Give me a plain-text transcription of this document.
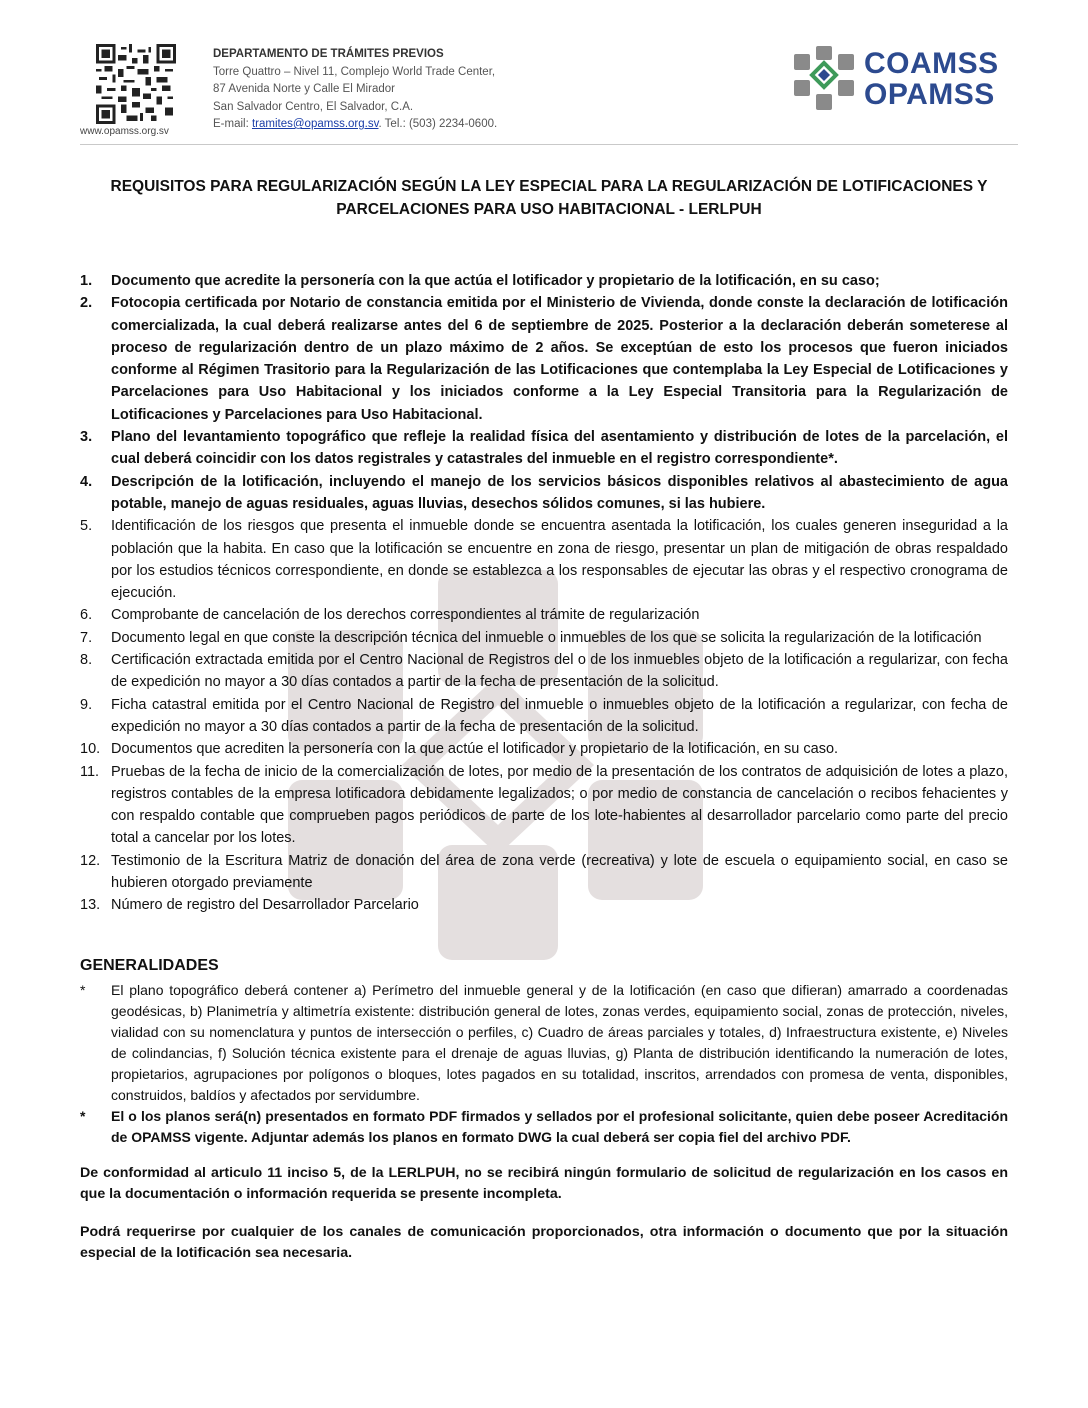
www.opamss.org.sv
DEPARTAMENTO DE TRÁMITES PREVIOS
Torre Quattro – Nivel 11, Complejo World Trade Center,
87 Avenida Norte y Calle El Mirador
San Salvador Centro, El Salvador, C.A.
E-mail: tramites@opamss.org.sv. Tel.: (503) 2234-0600.
COAMSS
OPAMSS
REQUISITOS PARA REGULARIZACIÓN SEGÚN LA LEY ESPECIAL PARA LA REGULARIZACIÓN DE LOTIFICACIONES Y
PARCELACIONES PARA USO HABITACIONAL - LERLPUH
1.	Documento que acredite la personería con la que actúa el lotificador y propietario de la lotificación, en su caso;
2.	Fotocopia certificada por Notario de constancia emitida por el Ministerio de Vivienda, donde conste la declaración de lotificación comercializada, la cual deberá realizarse antes del 6 de septiembre de 2025. Posterior a la declaración deberán someterese al proceso de regularización dentro de un plazo máximo de 2 años. Se exceptúan de esto los procesos que fueron iniciados conforme al Régimen Trasitorio para la Regularización de las Lotificaciones que contemplaba la Ley Especial de Lotificaciones y Parcelaciones para Uso Habitacional y los iniciados conforme a la Ley Especial Transitoria para la Regularización de Lotificaciones y Parcelaciones para Uso Habitacional.
3.	Plano del levantamiento topográfico que refleje la realidad física del asentamiento y distribución de lotes de la parcelación, el cual deberá coincidir con los datos registrales y catastrales del inmueble en el registro correspondiente*.
4.	Descripción de la lotificación, incluyendo el manejo de los servicios básicos disponibles relativos al abastecimiento de agua potable, manejo de aguas residuales, aguas lluvias, desechos sólidos comunes, si las hubiere.
5.	Identificación de los riesgos que presenta el inmueble donde se encuentra asentada la lotificación, los cuales generen inseguridad a la población que la habita. En caso que la lotificación se encuentre en zona de riesgo, presentar un plan de mitigación de obras respaldado por los estudios técnicos correspondiente, en donde se establezca a los responsables de ejecutar las obras y el respectivo cronograma de ejecución.
6.	Comprobante de cancelación de los derechos correspondientes al trámite de regularización
7.	Documento legal en que conste la descripción técnica del inmueble o inmuebles de los que se solicita la regularización de la lotificación
8.	Certificación extractada emitida por el Centro Nacional de Registros del o de los inmuebles objeto de la lotificación a regularizar, con fecha de expedición no mayor a 30 días contados a partir de la fecha de presentación de la solicitud.
9.	Ficha catastral emitida por el Centro Nacional de Registro del inmueble o inmuebles objeto de la lotificación a regularizar, con fecha de expedición no mayor a 30 días contados a partir de la fecha de presentación de la solicitud.
10. Documentos que acrediten la personería con la que actúe el lotificador y propietario de la lotificación, en su caso.
11. Pruebas de la fecha de inicio de la comercialización de lotes, por medio de la presentación de los contratos de adquisición de lotes a plazo, registros contables de la empresa lotificadora debidamente legalizados; o por medio de constancia de cancelación o recibos fehacientes y con respaldo contable que comprueben pagos periódicos de parte de los lote-habientes al desarrollador parcelario como parte del precio total a cancelar por los lotes.
12. Testimonio de la Escritura Matriz de donación del área de zona verde (recreativa) y lote de escuela o equipamiento social, en caso se hubieren otorgado previamente
13. Número de registro del Desarrollador Parcelario
GENERALIDADES
*	El plano topográfico deberá contener a) Perímetro del inmueble general y de la lotificación (en caso que difieran) amarrado a coordenadas geodésicas, b) Planimetría y altimetría existente: distribución general de lotes, zonas verdes, equipamiento social, zonas de protección, niveles, vialidad con su nomenclatura y puntos de intersección o perfiles, c) Cuadro de áreas parciales y totales, d) Infraestructura existente, e) Niveles de colindancias, f) Solución técnica existente para el drenaje de aguas lluvias, g) Planta de distribución identificando la numeración de lotes, propietarios, agrupaciones por polígonos o bloques, lotes pagados en su totalidad, inscritos, arrendados con promesa de venta, disponibles, construidos, baldíos y afectados por servidumbre.
*	El o los planos será(n) presentados en formato PDF firmados y sellados por el profesional solicitante, quien debe poseer Acreditación de OPAMSS vigente. Adjuntar además los planos en formato DWG la cual deberá ser copia fiel del archivo PDF.
De conformidad al articulo 11 inciso 5, de la LERLPUH, no se recibirá ningún formulario de solicitud de regularización en los casos en que la documentación o información requerida se presente incompleta.
Podrá requerirse por cualquier de los canales de comunicación proporcionados, otra información o documento que por la situación especial de la lotificación sea necesaria.
